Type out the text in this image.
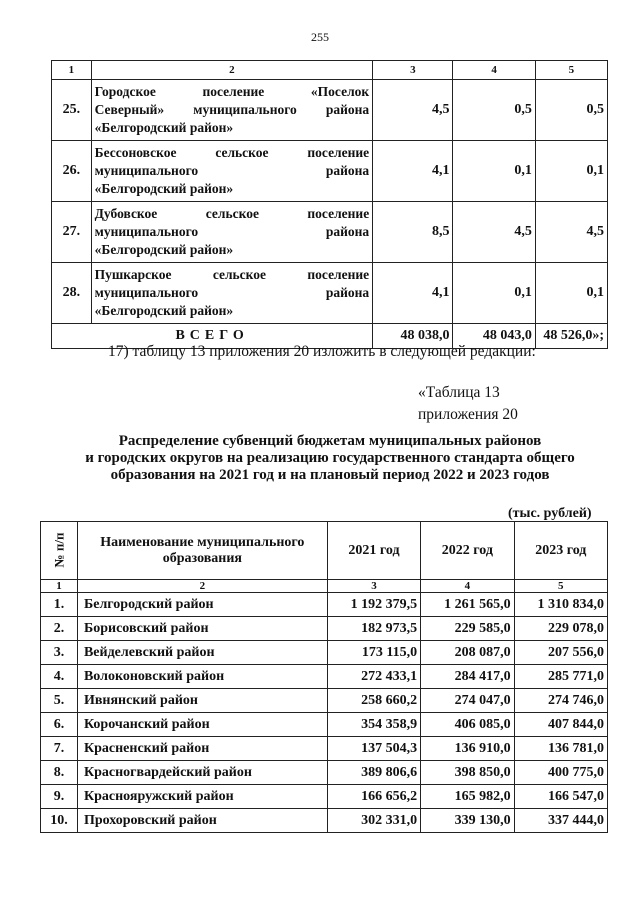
255
1	2	3	4	5
25.	Городское поселение «Поселок
Северный» муниципального района
«Белгородский район»	4,5	0,5	0,5
26.	Бессоновское сельское поселение
муниципального района
«Белгородский район»	4,1	0,1	0,1
27.	Дубовское сельское поселение
муниципального района
«Белгородский район»	8,5	4,5	4,5
28.	Пушкарское сельское поселение
муниципального района
«Белгородский район»	4,1	0,1	0,1
ВСЕГО		48 038,0	48 043,0	48 526,0»;
17) таблицу 13 приложения 20 изложить в следующей редакции:
«Таблица 13
приложения 20
Распределение субвенций бюджетам муниципальных районов
и городских округов на реализацию государственного стандарта общего
образования на 2021 год и на плановый период 2022 и 2023 годов
(тыс. рублей)
№ п/п	Наименование муниципального образования	2021 год	2022 год	2023 год
1	2	3	4	5
1.	Белгородский район	1 192 379,5	1 261 565,0	1 310 834,0
2.	Борисовский район	182 973,5	229 585,0	229 078,0
3.	Вейделевский район	173 115,0	208 087,0	207 556,0
4.	Волоконовский район	272 433,1	284 417,0	285 771,0
5.	Ивнянский район	258 660,2	274 047,0	274 746,0
6.	Корочанский район	354 358,9	406 085,0	407 844,0
7.	Красненский район	137 504,3	136 910,0	136 781,0
8.	Красногвардейский район	389 806,6	398 850,0	400 775,0
9.	Краснояружский район	166 656,2	165 982,0	166 547,0
10.	Прохоровский район	302 331,0	339 130,0	337 444,0
